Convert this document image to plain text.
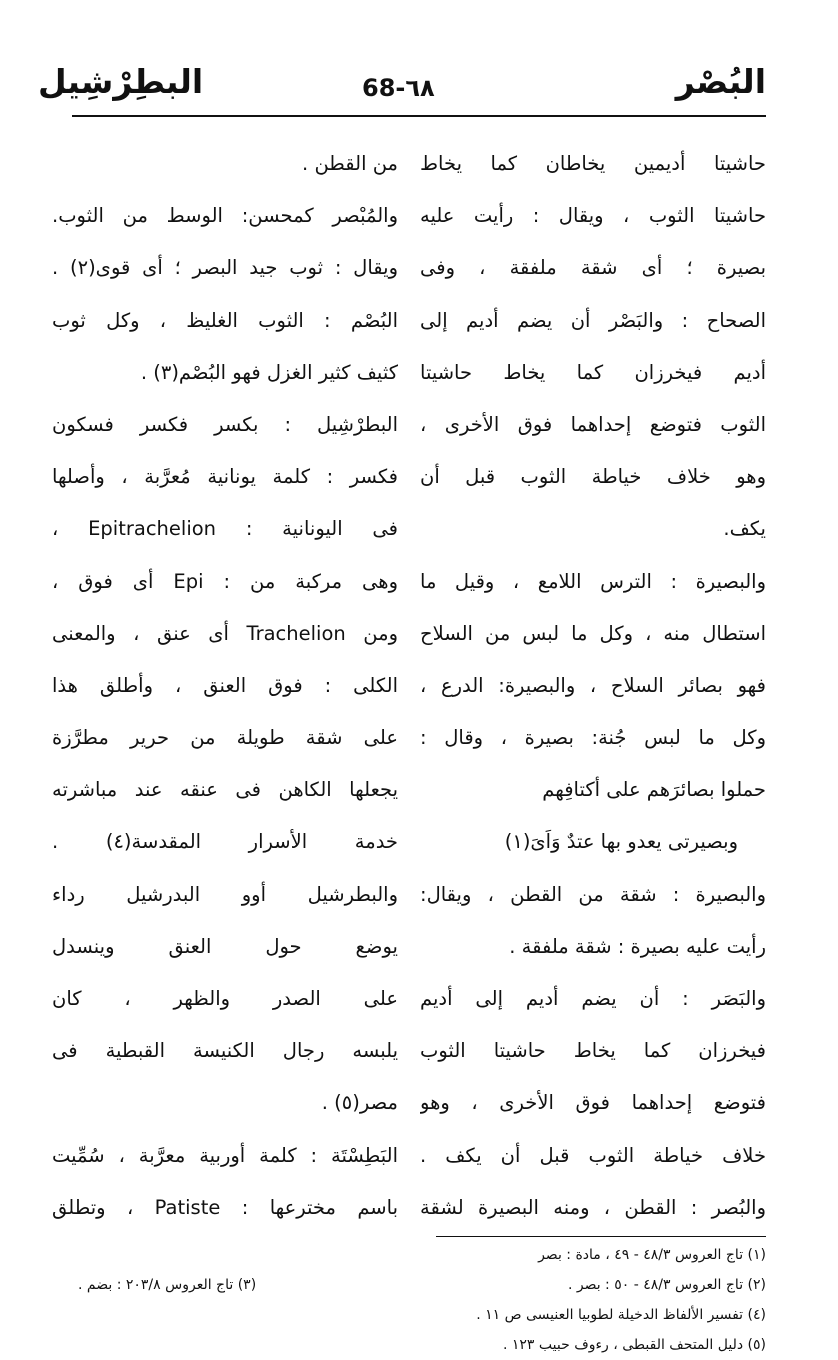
البُصْر
68-٦٨
البطِرْشِيل
حاشيتا أديمين يخاطان كما يخاط
حاشيتا الثوب ، ويقال : رأيت عليه
بصيرة ؛ أى شقة ملفقة ، وفى
الصحاح : والبَصْر أن يضم أديم إلى
أديم فيخرزان كما يخاط حاشيتا
الثوب فتوضع إحداهما فوق الأخرى ،
وهو خلاف خياطة الثوب قبل أن
يكف.
والبصيرة : الترس اللامع ، وقيل ما
استطال منه ، وكل ما لبس من السلاح
فهو بصائر السلاح ، والبصيرة: الدرع ،
وكل ما لبس جُنة: بصيرة ، وقال :
حملوا بصائرَهم على أكتافِهم
وبصيرتى يعدو بها عتدٌ وَاَىَ(١)
والبصيرة : شقة من القطن ، ويقال:
رأيت عليه بصيرة : شقة ملفقة .
والبَصَر : أن يضم أديم إلى أديم
فيخرزان كما يخاط حاشيتا الثوب
فتوضع إحداهما فوق الأخرى ، وهو
خلاف خياطة الثوب قبل أن يكف .
والبُصر : القطن ، ومنه البصيرة لشقة
من القطن .
والمُبْصر كمحسن: الوسط من الثوب.
ويقال : ثوب جيد البصر ؛ أى قوى(٢) .
البُصْم : الثوب الغليظ ، وكل ثوب
كثيف كثير الغزل فهو البُصْم(٣) .
البطرْشِيل : بكسر فكسر فسكون
فكسر : كلمة يونانية مُعرَّبة ، وأصلها
فى اليونانية : Epitrachelion ،
وهى مركبة من : Epi أى فوق ،
ومن Trachelion أى عنق ، والمعنى
الكلى : فوق العنق ، وأطلق هذا
على شقة طويلة من حرير مطرَّزة
يجعلها الكاهن فى عنقه عند مباشرته
خدمة الأسرار المقدسة(٤) .
والبطرشيل أوو البدرشيل رداء
يوضع حول العنق وينسدل
على الصدر والظهر ، كان
يلبسه رجال الكنيسة القبطية فى
مصر(٥) .
البَطِسْتَة : كلمة أوربية معرَّبة ، سُمِّيت
باسم مخترعها : Patiste ، وتطلق
(١) تاج العروس ٤٨/٣ - ٤٩ ، مادة : بصر
(٢) تاج العروس ٤٨/٣ - ٥٠ : بصر .
(٣) تاج العروس ٢٠٣/٨ : بضم .
(٤) تفسير الألفاظ الدخيلة لطوبيا العنيسى ص ١١ .
(٥) دليل المتحف القبطى ، رءوف حبيب ١٢٣ .
